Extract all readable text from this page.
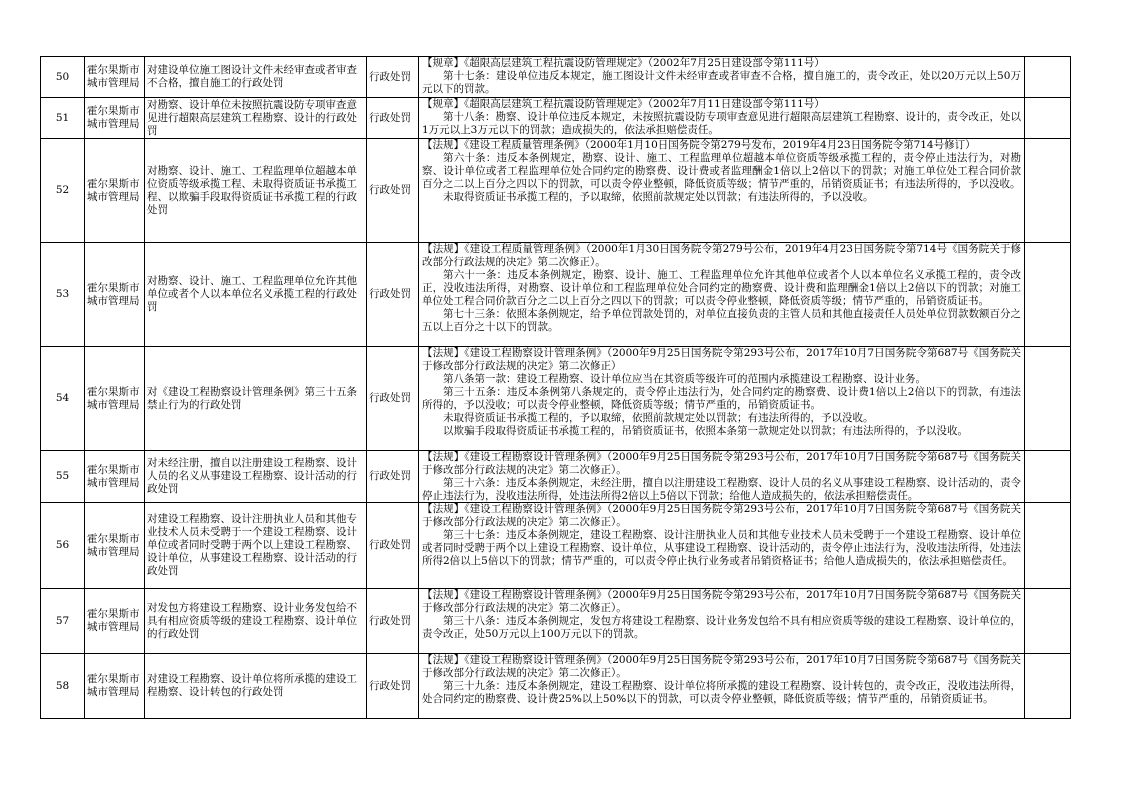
50	霍尔果斯市城市管理局	对建设单位施工图设计文件未经审查或者审查不合格，擅自施工的行政处罚	行政处罚	【规章】《超限高层建筑工程抗震设防管理规定》（2002年7月25日建设部令第111号）
第十七条：建设单位违反本规定，施工图设计文件未经审查或者审查不合格，擅自施工的，责令改正，处以20万元以上50万元以下的罚款。	

51	霍尔果斯市城市管理局	对勘察、设计单位未按照抗震设防专项审查意见进行超限高层建筑工程勘察、设计的行政处罚	行政处罚	【规章】《超限高层建筑工程抗震设防管理规定》（2002年7月11日建设部令第111号）
第十八条：勘察、设计单位违反本规定，未按照抗震设防专项审查意见进行超限高层建筑工程勘察、设计的，责令改正，处以1万元以上3万元以下的罚款；造成损失的，依法承担赔偿责任。	

52	霍尔果斯市城市管理局	对勘察、设计、施工、工程监理单位超越本单位资质等级承揽工程、未取得资质证书承揽工程、以欺骗手段取得资质证书承揽工程的行政处罚	行政处罚	【法规】《建设工程质量管理条例》（2000年1月10日国务院令第279号发布，2019年4月23日国务院令第714号修订）
第六十条：违反本条例规定，勘察、设计、施工、工程监理单位超越本单位资质等级承揽工程的，责令停止违法行为，对勘察、设计单位或者工程监理单位处合同约定的勘察费、设计费或者监理酬金1倍以上2倍以下的罚款；对施工单位处工程合同价款百分之二以上百分之四以下的罚款，可以责令停业整顿，降低资质等级；情节严重的，吊销资质证书；有违法所得的，予以没收。
未取得资质证书承揽工程的，予以取缔，依照前款规定处以罚款；有违法所得的，予以没收。	

53	霍尔果斯市城市管理局	对勘察、设计、施工、工程监理单位允许其他单位或者个人以本单位名义承揽工程的行政处罚	行政处罚	【法规】《建设工程质量管理条例》（2000年1月30日国务院令第279号公布，2019年4月23日国务院令第714号《国务院关于修改部分行政法规的决定》第二次修正）。
第六十一条：违反本条例规定，勘察、设计、施工、工程监理单位允许其他单位或者个人以本单位名义承揽工程的，责令改正，没收违法所得，对勘察、设计单位和工程监理单位处合同约定的勘察费、设计费和监理酬金1倍以上2倍以下的罚款；对施工单位处工程合同价款百分之二以上百分之四以下的罚款；可以责令停业整顿，降低资质等级；情节严重的，吊销资质证书。
第七十三条：依照本条例规定，给予单位罚款处罚的，对单位直接负责的主管人员和其他直接责任人员处单位罚款数额百分之五以上百分之十以下的罚款。	

54	霍尔果斯市城市管理局	对《建设工程勘察设计管理条例》第三十五条禁止行为的行政处罚	行政处罚	【法规】《建设工程勘察设计管理条例》（2000年9月25日国务院令第293号公布，2017年10月7日国务院令第687号《国务院关于修改部分行政法规的决定》第二次修正）
第八条第一款：建设工程勘察、设计单位应当在其资质等级许可的范围内承揽建设工程勘察、设计业务。
第三十五条：违反本条例第八条规定的，责令停止违法行为，处合同约定的勘察费、设计费1倍以上2倍以下的罚款，有违法所得的，予以没收；可以责令停业整顿，降低资质等级；情节严重的，吊销资质证书。
未取得资质证书承揽工程的，予以取缔，依照前款规定处以罚款；有违法所得的，予以没收。
以欺骗手段取得资质证书承揽工程的，吊销资质证书，依照本条第一款规定处以罚款；有违法所得的，予以没收。	

55	霍尔果斯市城市管理局	对未经注册，擅自以注册建设工程勘察、设计人员的名义从事建设工程勘察、设计活动的行政处罚	行政处罚	【法规】《建设工程勘察设计管理条例》（2000年9月25日国务院令第293号公布，2017年10月7日国务院令第687号《国务院关于修改部分行政法规的决定》第二次修正）。
第三十六条：违反本条例规定，未经注册，擅自以注册建设工程勘察、设计人员的名义从事建设工程勘察、设计活动的，责令停止违法行为，没收违法所得，处违法所得2倍以上5倍以下罚款；给他人造成损失的，依法承担赔偿责任。	

56	霍尔果斯市城市管理局	对建设工程勘察、设计注册执业人员和其他专业技术人员未受聘于一个建设工程勘察、设计单位或者同时受聘于两个以上建设工程勘察、设计单位，从事建设工程勘察、设计活动的行政处罚	行政处罚	【法规】《建设工程勘察设计管理条例》（2000年9月25日国务院令第293号公布，2017年10月7日国务院令第687号《国务院关于修改部分行政法规的决定》第二次修正）。
第三十七条：违反本条例规定，建设工程勘察、设计注册执业人员和其他专业技术人员未受聘于一个建设工程勘察、设计单位或者同时受聘于两个以上建设工程勘察、设计单位，从事建设工程勘察、设计活动的，责令停止违法行为，没收违法所得，处违法所得2倍以上5倍以下的罚款；情节严重的，可以责令停止执行业务或者吊销资格证书；给他人造成损失的，依法承担赔偿责任。	

57	霍尔果斯市城市管理局	对发包方将建设工程勘察、设计业务发包给不具有相应资质等级的建设工程勘察、设计单位的行政处罚	行政处罚	【法规】《建设工程勘察设计管理条例》（2000年9月25日国务院令第293号公布，2017年10月7日国务院令第687号《国务院关于修改部分行政法规的决定》第二次修正）。
第三十八条：违反本条例规定，发包方将建设工程勘察、设计业务发包给不具有相应资质等级的建设工程勘察、设计单位的，责令改正，处50万元以上100万元以下的罚款。	

58	霍尔果斯市城市管理局	对建设工程勘察、设计单位将所承揽的建设工程勘察、设计转包的行政处罚	行政处罚	【法规】《建设工程勘察设计管理条例》（2000年9月25日国务院令第293号公布，2017年10月7日国务院令第687号《国务院关于修改部分行政法规的决定》第二次修正）。
第三十九条：违反本条例规定，建设工程勘察、设计单位将所承揽的建设工程勘察、设计转包的，责令改正，没收违法所得，处合同约定的勘察费、设计费25%以上50%以下的罚款，可以责令停业整顿，降低资质等级；情节严重的，吊销资质证书。	
